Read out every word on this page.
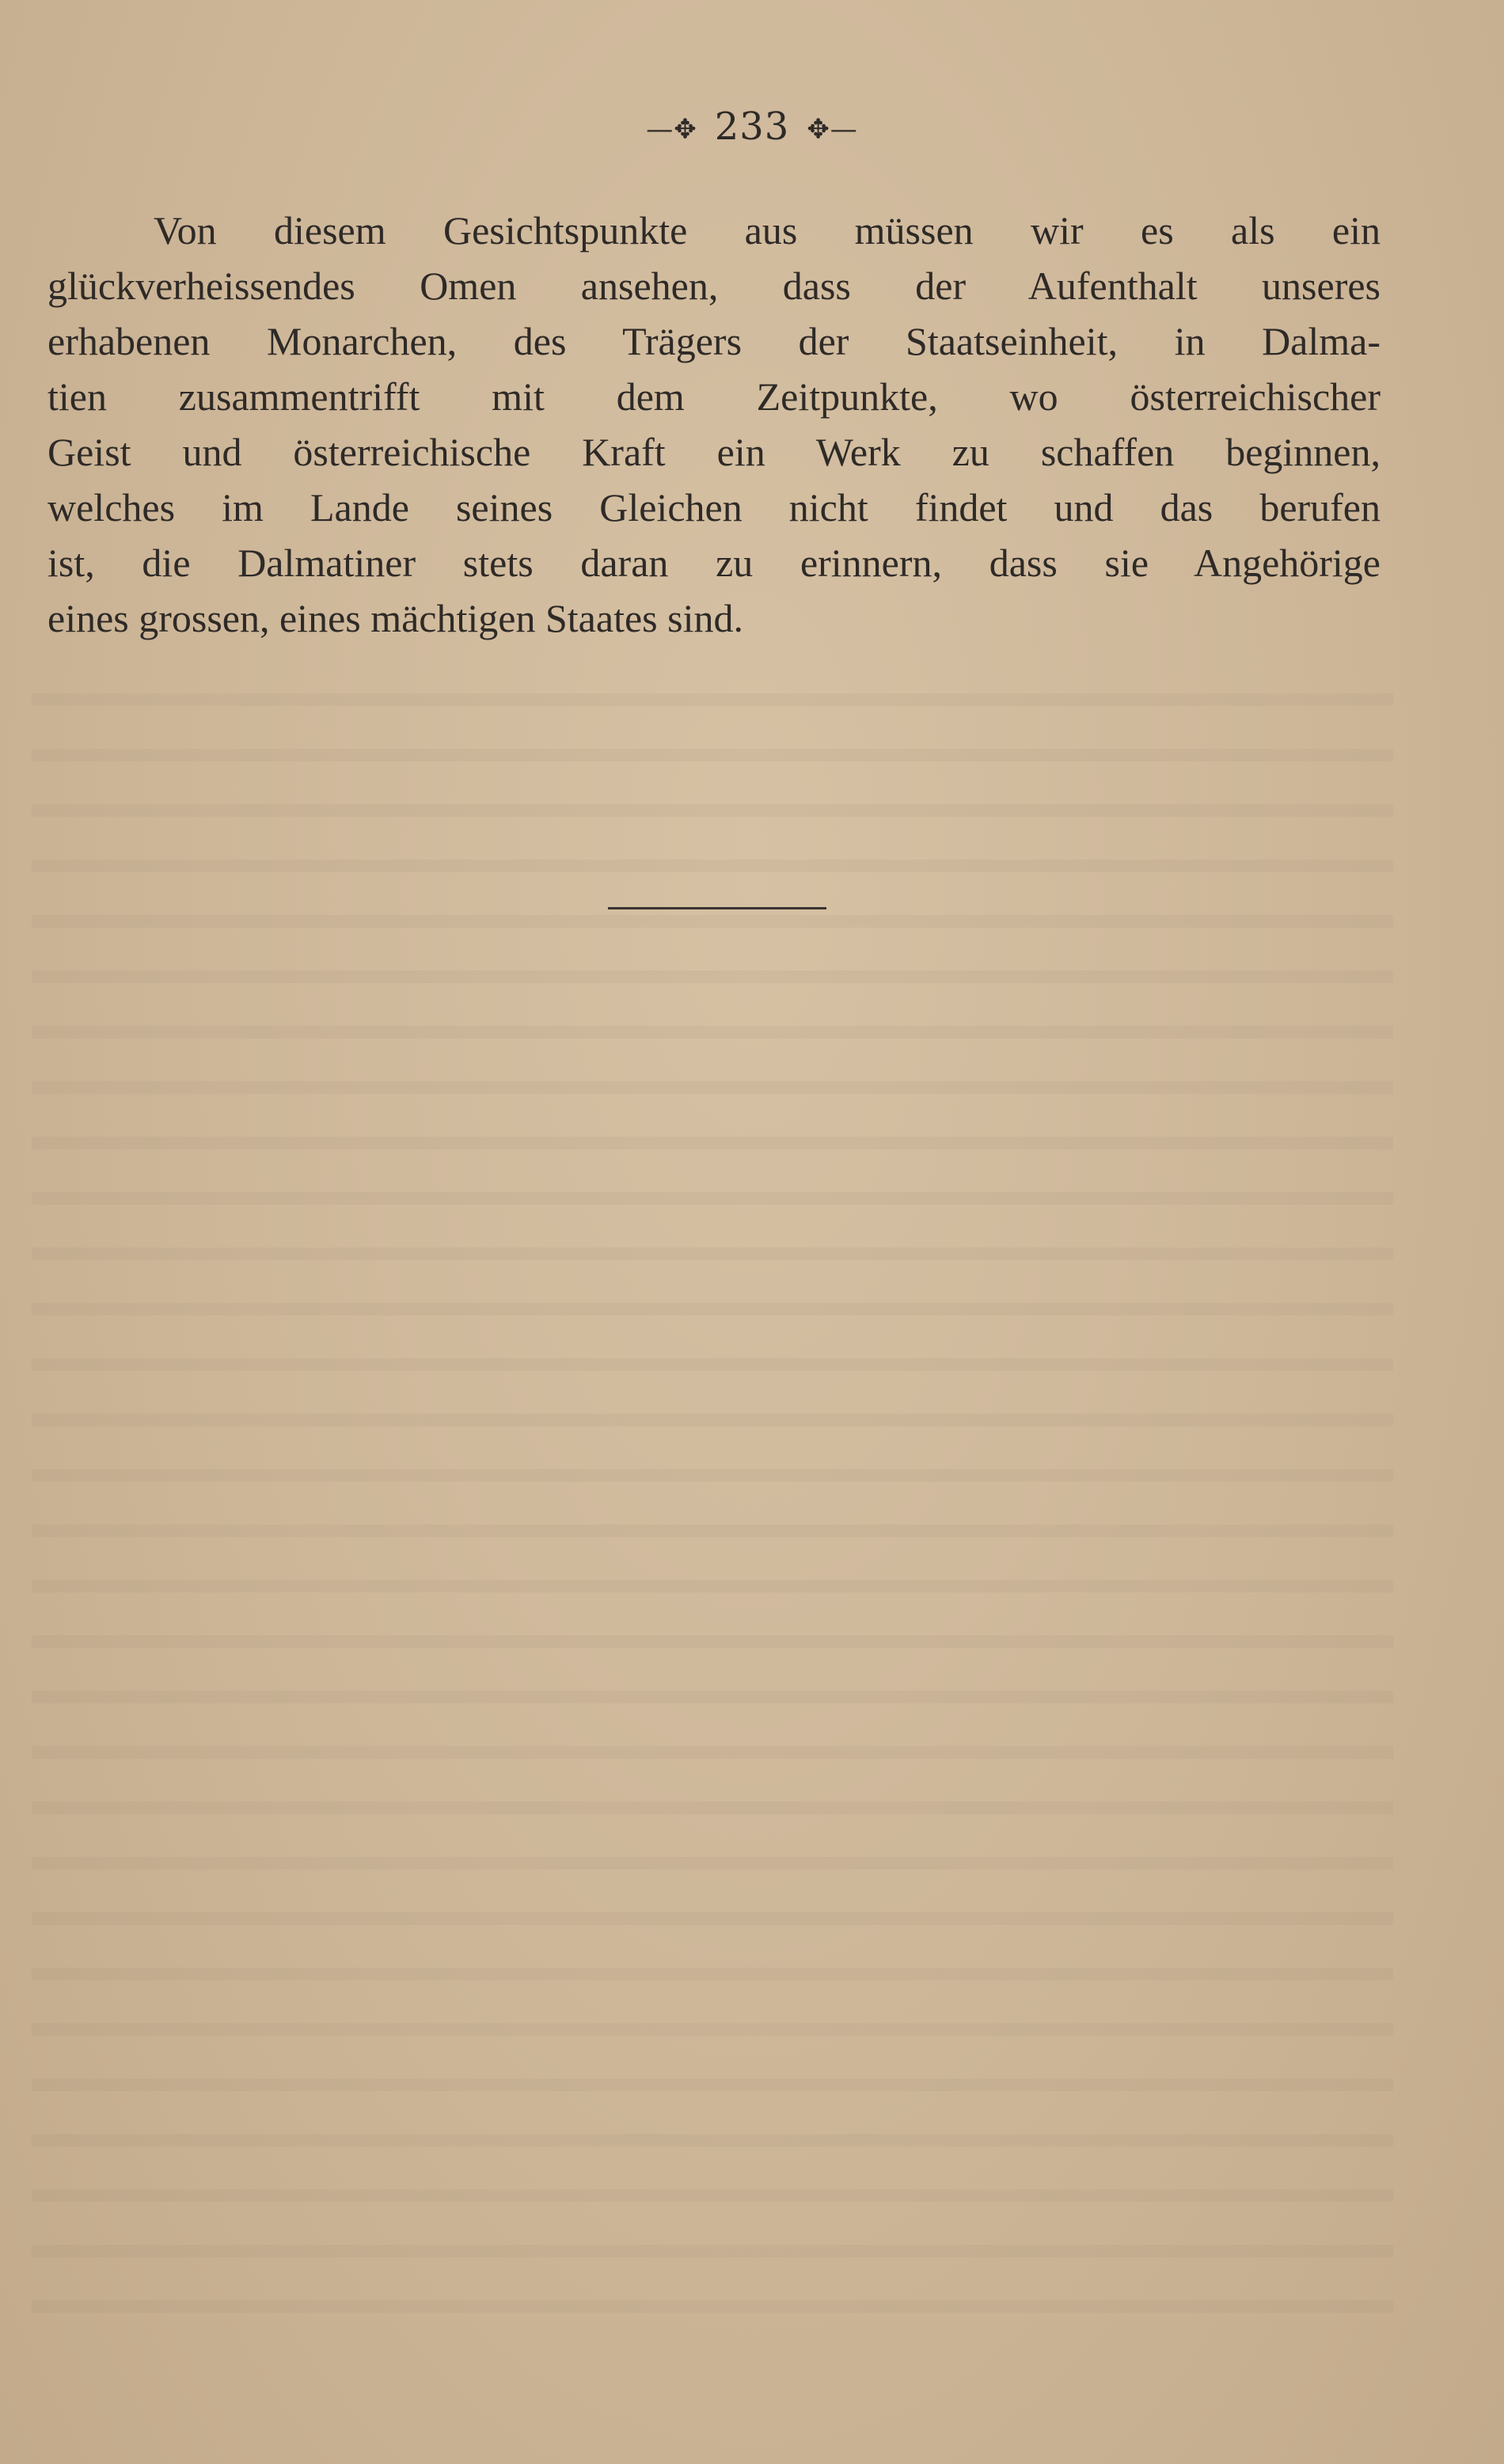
—✥ 233 ✥—
Von diesem Gesichtspunkte aus müssen wir es als ein
glückverheissendes Omen ansehen, dass der Aufenthalt unseres
erhabenen Monarchen, des Trägers der Staatseinheit, in Dalma-
tien zusammentrifft mit dem Zeitpunkte, wo österreichischer
Geist und österreichische Kraft ein Werk zu schaffen beginnen,
welches im Lande seines Gleichen nicht findet und das berufen
ist, die Dalmatiner stets daran zu erinnern, dass sie Angehörige
eines grossen, eines mächtigen Staates sind.
